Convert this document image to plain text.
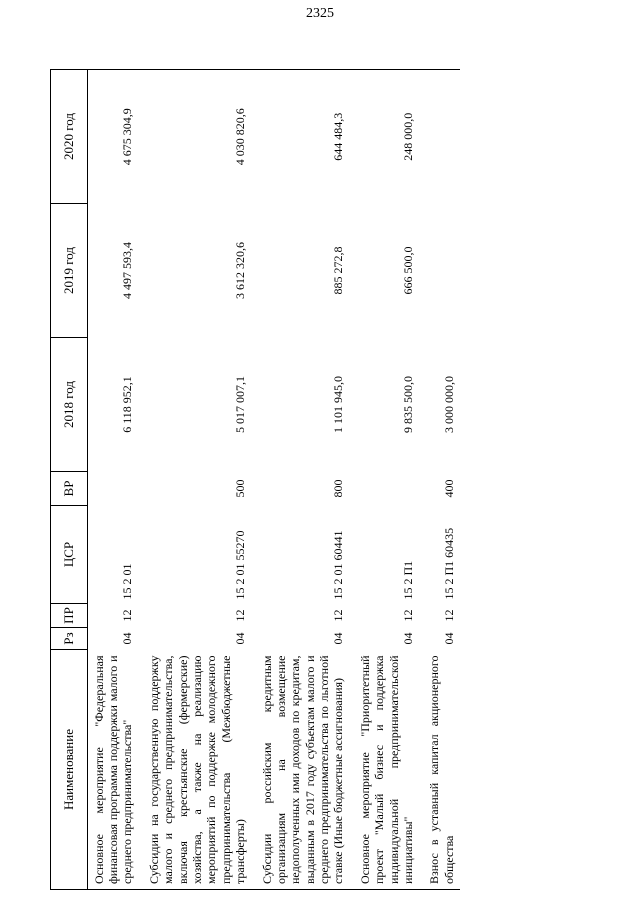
2325
Наименование	Рз	ПР	ЦСР	ВР	2018 год	2019 год	2020 год
Основное мероприятие "Федеральная финансовая программа поддержки малого и среднего предпринимательства"	04	12	15 2 01		6 118 952,1	4 497 593,4	4 675 304,9
Субсидии на государственную поддержку малого и среднего предпринимательства, включая крестьянские (фермерские) хозяйства, а также на реализацию мероприятий по поддержке молодежного предпринимательства (Межбюджетные трансферты)	04	12	15 2 01 55270	500	5 017 007,1	3 612 320,6	4 030 820,6
Субсидии российским кредитным организациям на возмещение недополученных ими доходов по кредитам, выданным в 2017 году субъектам малого и среднего предпринимательства по льготной ставке (Иные бюджетные ассигнования)	04	12	15 2 01 60441	800	1 101 945,0	885 272,8	644 484,3
Основное мероприятие "Приоритетный проект "Малый бизнес и поддержка индивидуальной предпринимательской инициативы"	04	12	15 2 П1		9 835 500,0	666 500,0	248 000,0
Взнос в уставный капитал акционерного общества	04	12	15 2 П1 60435	400	3 000 000,0		
